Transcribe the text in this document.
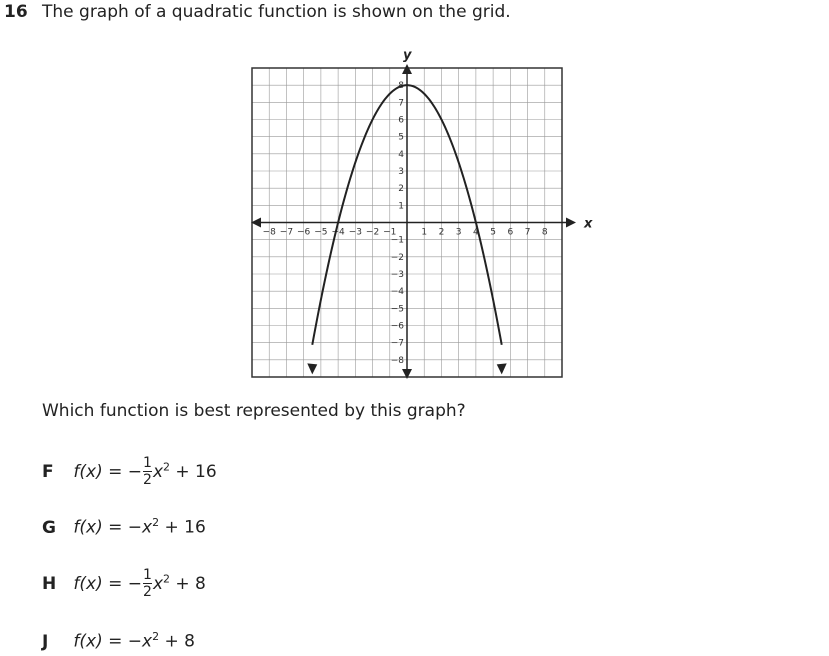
16 The graph of a quadratic function is shown on the grid.
x
y
−8 −7 −6 −5 −4 −3 −2 −1	1 2 3 4 5 6 7 8
−8
−7
−6
−5
−4
−3
−2
−1
1
2
3
4
5
6
7
8
Which function is best represented by this graph?
F f(x) = − $\frac{1}{2} x^2 + 16$
G $f(x) = -x^2 + 16$
H f(x) = − $\frac{1}{2} x^2 + 8$
J $f(x) = -x^2 + 8$
